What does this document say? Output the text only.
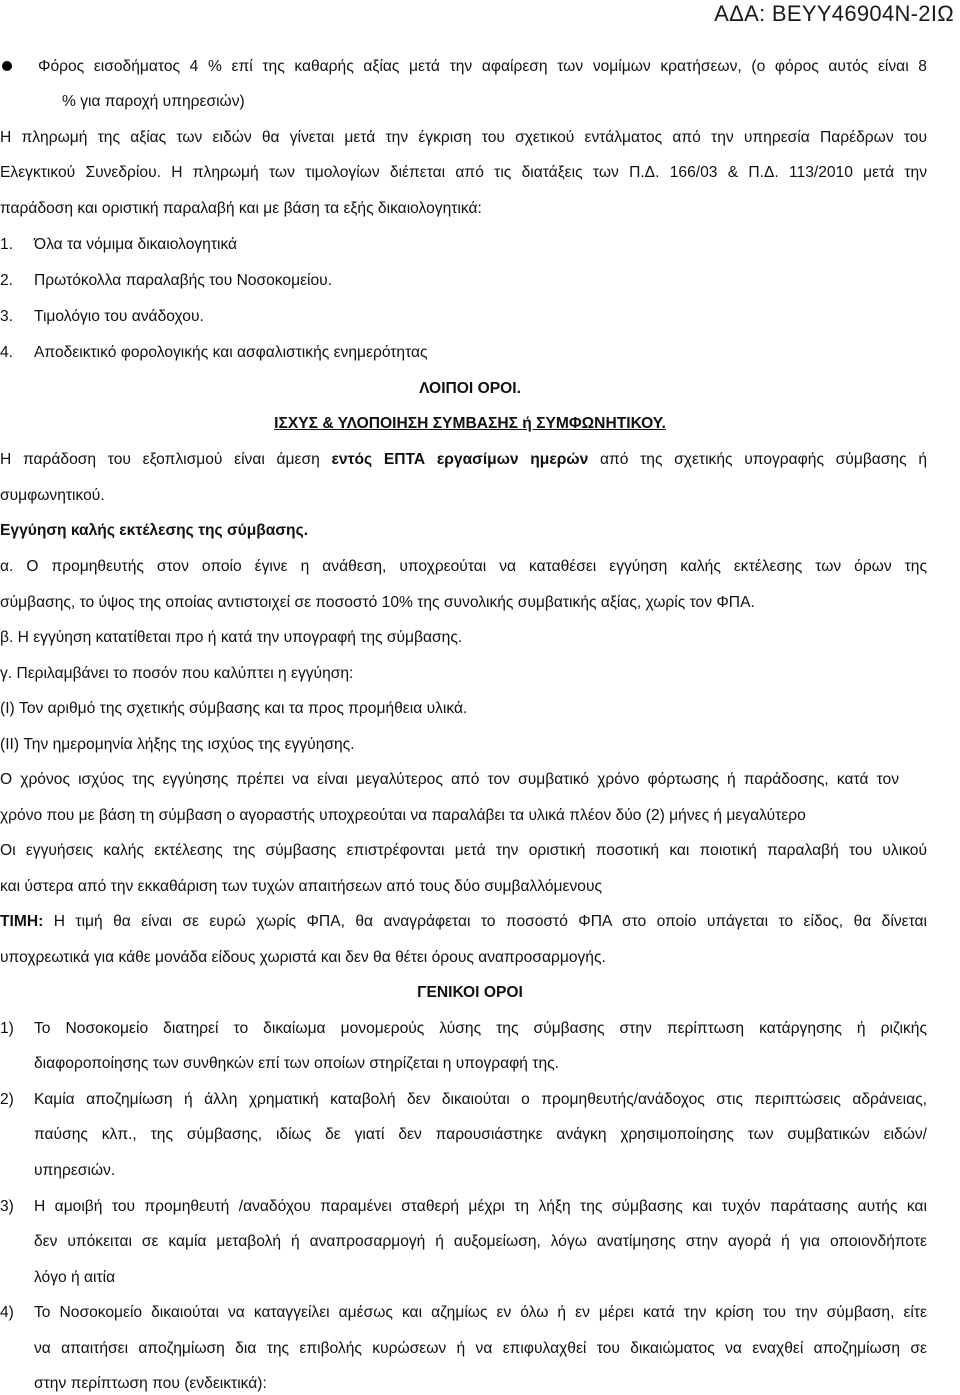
ΑΔΑ: ΒΕΥΥ46904Ν-2ΙΩ
Φόρος εισοδήματος 4 % επί της καθαρής αξίας μετά την αφαίρεση των νομίμων κρατήσεων, (ο φόρος αυτός είναι 8
% για παροχή υπηρεσιών)
Η πληρωμή της αξίας των ειδών θα γίνεται μετά την έγκριση του σχετικού εντάλματος από την υπηρεσία Παρέδρων του
Ελεγκτικού Συνεδρίου. Η πληρωμή των τιμολογίων διέπεται από τις διατάξεις των Π.Δ. 166/03 & Π.Δ. 113/2010 μετά την
παράδοση και οριστική παραλαβή και με βάση τα εξής δικαιολογητικά:
1. Όλα τα νόμιμα δικαιολογητικά
2. Πρωτόκολλα παραλαβής του Νοσοκομείου.
3. Τιμολόγιο του ανάδοχου.
4. Αποδεικτικό φορολογικής και ασφαλιστικής ενημερότητας
ΛΟΙΠΟΙ ΟΡΟΙ.
ΙΣΧΥΣ & ΥΛΟΠΟΙΗΣΗ ΣΥΜΒΑΣΗΣ ή ΣΥΜΦΩΝΗΤΙΚΟΥ.
Η παράδοση του εξοπλισμού είναι άμεση εντός ΕΠΤΑ εργασίμων ημερών από της σχετικής υπογραφής σύμβασης ή
συμφωνητικού.
Εγγύηση καλής εκτέλεσης της σύμβασης.
α. Ο προμηθευτής στον οποίο έγινε η ανάθεση, υποχρεούται να καταθέσει εγγύηση καλής εκτέλεσης των όρων της
σύμβασης, το ύψος της οποίας αντιστοιχεί σε ποσοστό 10% της συνολικής συμβατικής αξίας, χωρίς τον ΦΠΑ.
β. Η εγγύηση κατατίθεται προ ή κατά την υπογραφή της σύμβασης.
γ. Περιλαμβάνει το ποσόν που καλύπτει η εγγύηση:
(I) Τον αριθμό της σχετικής σύμβασης και τα προς προμήθεια υλικά.
(II) Την ημερομηνία λήξης της ισχύος της εγγύησης.
Ο χρόνος ισχύος της εγγύησης πρέπει να είναι μεγαλύτερος από τον συμβατικό χρόνο φόρτωσης ή παράδοσης, κατά τον
χρόνο που με βάση τη σύμβαση ο αγοραστής υποχρεούται να παραλάβει τα υλικά πλέον δύο (2) μήνες ή μεγαλύτερο
Οι εγγυήσεις καλής εκτέλεσης της σύμβασης επιστρέφονται μετά την οριστική ποσοτική και ποιοτική παραλαβή του υλικού
και ύστερα από την εκκαθάριση των τυχών απαιτήσεων από τους δύο συμβαλλόμενους
ΤΙΜΗ: Η τιμή θα είναι σε ευρώ χωρίς ΦΠΑ, θα αναγράφεται το ποσοστό ΦΠΑ στο οποίο υπάγεται το είδος, θα δίνεται
υποχρεωτικά για κάθε μονάδα είδους χωριστά και δεν θα θέτει όρους αναπροσαρμογής.
ΓΕΝΙΚΟΙ ΟΡΟΙ
1) Το Νοσοκομείο διατηρεί το δικαίωμα μονομερούς λύσης της σύμβασης στην περίπτωση κατάργησης ή ριζικής
διαφοροποίησης των συνθηκών επί των οποίων στηρίζεται η υπογραφή της.
2) Καμία αποζημίωση ή άλλη χρηματική καταβολή δεν δικαιούται ο προμηθευτής/ανάδοχος στις περιπτώσεις αδράνειας,
παύσης κλπ., της σύμβασης, ιδίως δε γιατί δεν παρουσιάστηκε ανάγκη χρησιμοποίησης των συμβατικών ειδών/
υπηρεσιών.
3) Η αμοιβή του προμηθευτή /αναδόχου παραμένει σταθερή μέχρι τη λήξη της σύμβασης και τυχόν παράτασης αυτής και
δεν υπόκειται σε καμία μεταβολή ή αναπροσαρμογή ή αυξομείωση, λόγω ανατίμησης στην αγορά ή για οποιονδήποτε
λόγο ή αιτία
4) Το Νοσοκομείο δικαιούται να καταγγείλει αμέσως και αζημίως εν όλω ή εν μέρει κατά την κρίση του την σύμβαση, είτε
να απαιτήσει αποζημίωση δια της επιβολής κυρώσεων ή να επιφυλαχθεί του δικαιώματος να εναχθεί αποζημίωση σε
στην περίπτωση που (ενδεικτικά):
